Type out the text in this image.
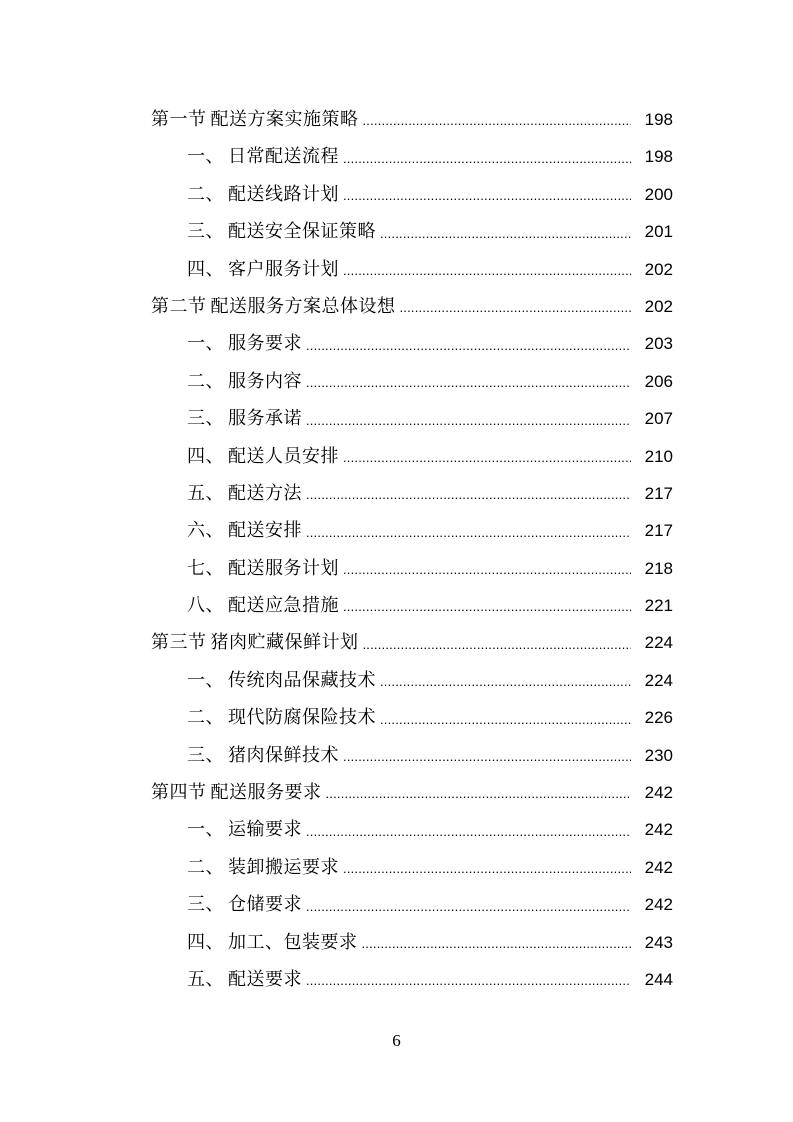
第一节 配送方案实施策略 .....	198
一、 日常配送流程 .....	198
二、 配送线路计划 .....	200
三、 配送安全保证策略 .....	201
四、 客户服务计划 .....	202
第二节 配送服务方案总体设想 .....	202
一、 服务要求 .....	203
二、 服务内容 .....	206
三、 服务承诺 .....	207
四、 配送人员安排 .....	210
五、 配送方法 .....	217
六、 配送安排 .....	217
七、 配送服务计划 .....	218
八、 配送应急措施 .....	221
第三节 猪肉贮藏保鲜计划 .....	224
一、 传统肉品保藏技术 .....	224
二、 现代防腐保险技术 .....	226
三、 猪肉保鲜技术 .....	230
第四节 配送服务要求 .....	242
一、 运输要求 .....	242
二、 装卸搬运要求 .....	242
三、 仓储要求 .....	242
四、 加工、包装要求 .....	243
五、 配送要求 .....	244
6
